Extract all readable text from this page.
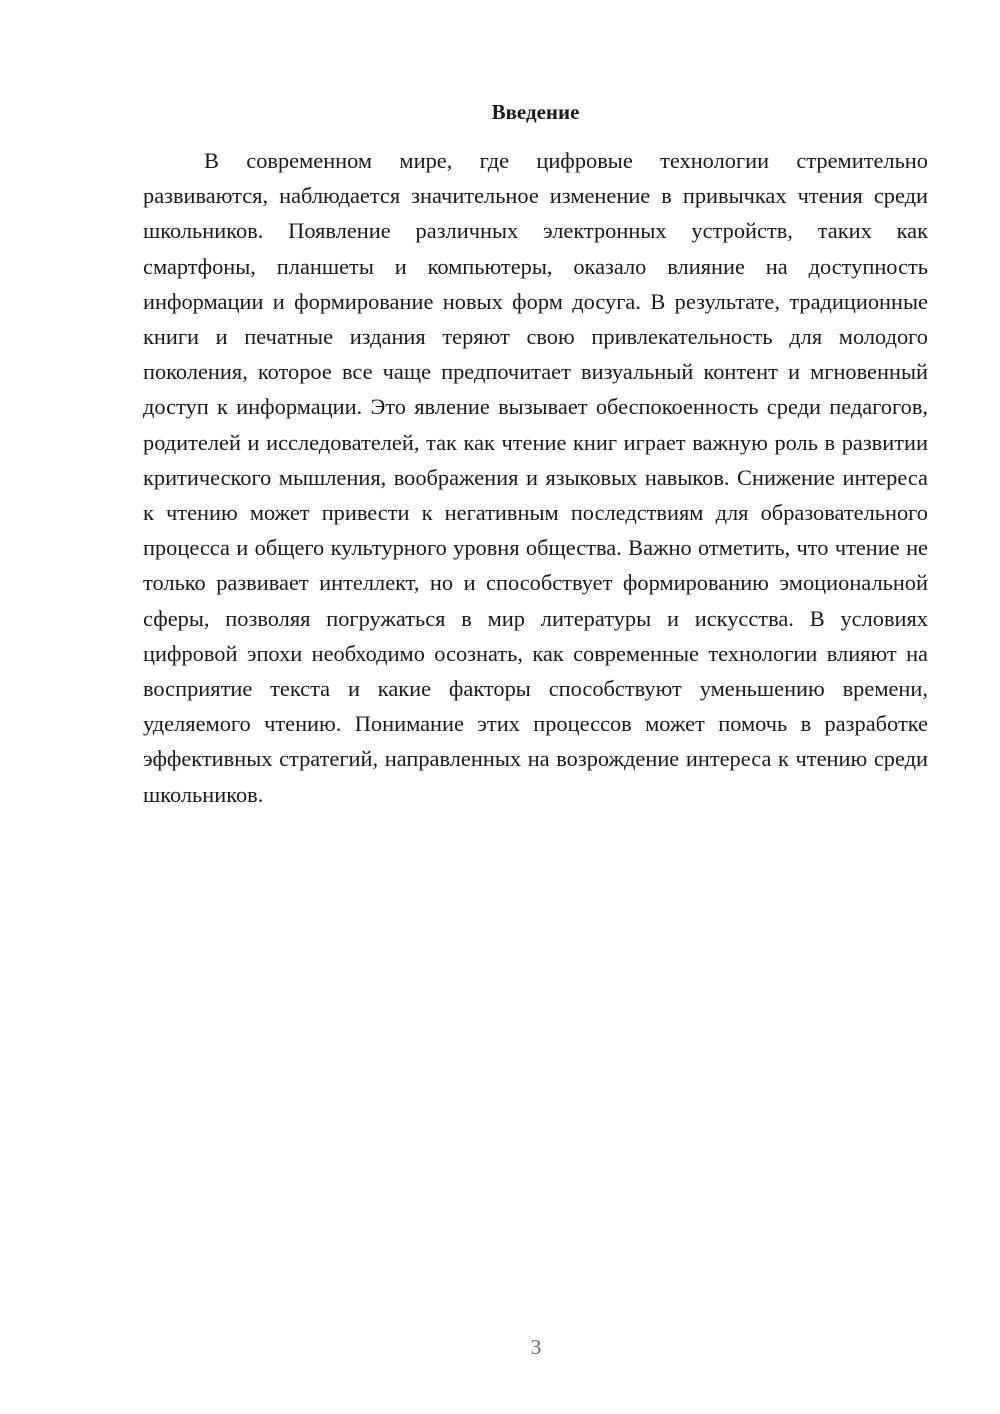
Введение

В современном мире, где цифровые технологии стремительно развиваются, наблюдается значительное изменение в привычках чтения среди школьников. Появление различных электронных устройств, таких как смартфоны, планшеты и компьютеры, оказало влияние на доступность информации и формирование новых форм досуга. В результате, традиционные книги и печатные издания теряют свою привлекательность для молодого поколения, которое все чаще предпочитает визуальный контент и мгновенный доступ к информации. Это явление вызывает обеспокоенность среди педагогов, родителей и исследователей, так как чтение книг играет важную роль в развитии критического мышления, воображения и языковых навыков. Снижение интереса к чтению может привести к негативным последствиям для образовательного процесса и общего культурного уровня общества. Важно отметить, что чтение не только развивает интеллект, но и способствует формированию эмоциональной сферы, позволяя погружаться в мир литературы и искусства. В условиях цифровой эпохи необходимо осознать, как современные технологии влияют на восприятие текста и какие факторы способствуют уменьшению времени, уделяемого чтению. Понимание этих процессов может помочь в разработке эффективных стратегий, направленных на возрождение интереса к чтению среди школьников.

3
